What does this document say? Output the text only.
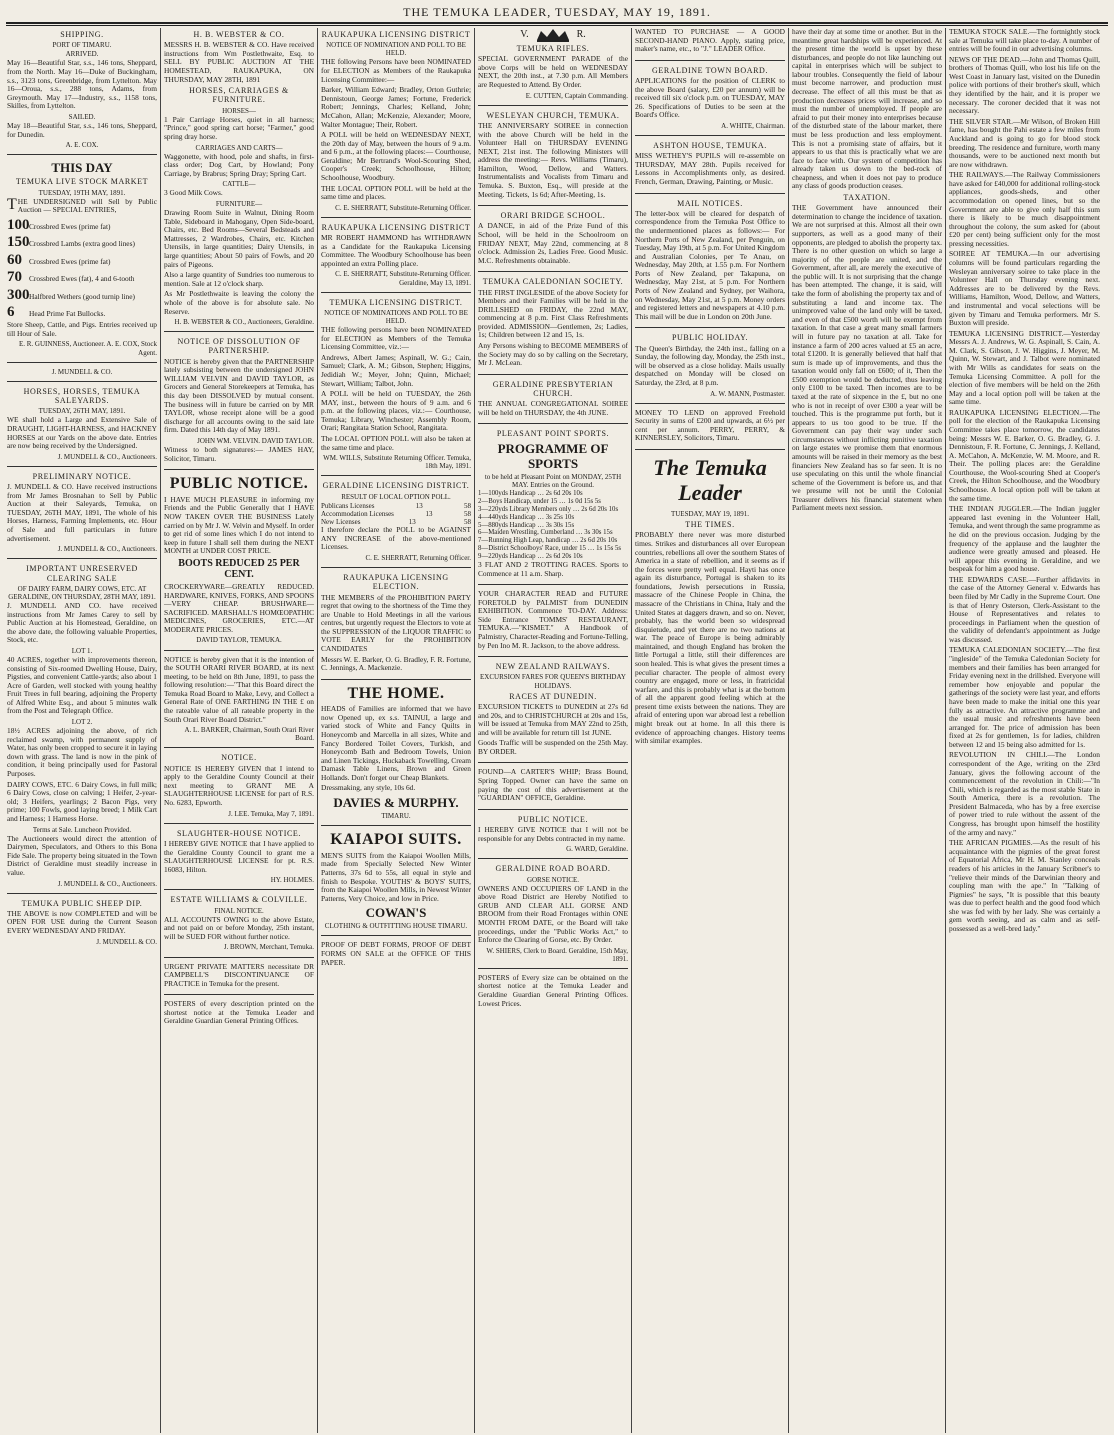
THE TEMUKA LEADER, TUESDAY, MAY 19, 1891.
SHIPPING.
PORT OF TIMARU.
ARRIVED.

May 16—Beautiful Star, s.s., 146 tons, Sheppard, from the North. May 16—Duke of Buckingham, s.s., 3123 tons, Greenbridge, from Lyttelton. May 16—Oroua, s.s., 288 tons, Adams, from Greymouth. May 17—Industry, s.s., 1158 tons, Skilles, from Lyttelton.

SAILED.

May 18—Beautiful Star, s.s., 146 tons, Sheppard, for Dunedin.

A. E. COX.
THIS DAY
TEMUKA LIVE STOCK MARKET
TUESDAY, 19TH MAY, 1891.

THE UNDERSIGNED will Sell by Public Auction — SPECIAL ENTRIES,

100Crossbred Ewes (prime fat)
150Crossbred Lambs (extra good lines)
60 Crossbred Ewes (prime fat)
70 Crossbred Ewes (fat), 4 and 6-tooth
300Halfbred Wethers (good turnip line)
6 Head Prime Fat Bullocks.

Store Sheep, Cattle, and Pigs. Entries received up till Hour of Sale.

E. R. GUINNESS, Auctioneer. A. E. COX, Stock Agent.
J. MUNDELL & CO.
HORSES, HORSES, TEMUKA SALEYARDS.
TUESDAY, 26TH MAY, 1891.

WE shall hold a Large and Extensive Sale of DRAUGHT, LIGHT-HARNESS, and HACKNEY HORSES at our Yards on the above date. Entries are now being received by the Undersigned.

J. MUNDELL & CO., Auctioneers.
PRELIMINARY NOTICE.

J. MUNDELL & CO. Have received instructions from Mr James Brosnahan to Sell by Public Auction at their Saleyards, Temuka, on TUESDAY, 26TH MAY, 1891, The whole of his Horses, Harness, Farming Implements, etc. Hour of Sale and full particulars in future advertisement.

J. MUNDELL & CO., Auctioneers.
IMPORTANT UNRESERVED CLEARING SALE
OF DAIRY FARM, DAIRY COWS, ETC. AT GERALDINE, ON THURSDAY, 28TH MAY, 1891.

J. MUNDELL AND CO. have received instructions from Mr James Carey to sell by Public Auction at his Homestead, Geraldine, on the above date, the following valuable Properties, Stock, etc.

LOT 1.

40 ACRES, together with improvements thereon, consisting of Six-roomed Dwelling House, Dairy, Pigsties, and convenient Cattle-yards; also about 1 Acre of Garden, well stocked with young healthy Fruit Trees in full bearing, adjoining the Property of Alfred White Esq., and about 5 minutes walk from the Post and Telegraph Office.

LOT 2.

18½ ACRES adjoining the above, of rich reclaimed swamp, with permanent supply of Water, has only been cropped to secure it in laying down with grass. The land is now in the pink of condition, it being principally used for Pastoral Purposes.

DAIRY COWS, ETC. 6 Dairy Cows, in full milk; 6 Dairy Cows, close on calving; 1 Heifer, 2-year-old; 3 Heifers, yearlings; 2 Bacon Pigs, very prime; 100 Fowls, good laying breed; 1 Milk Cart and Harness; 1 Harness Horse.

Terms at Sale. Luncheon Provided.

The Auctioneers would direct the attention of Dairymen, Speculators, and Others to this Bona Fide Sale. The property being situated in the Town District of Geraldine must steadily increase in value.

J. MUNDELL & CO., Auctioneers.
TEMUKA PUBLIC SHEEP DIP.

THE ABOVE is now COMPLETED and will be OPEN FOR USE during the Current Season EVERY WEDNESDAY AND FRIDAY.

J. MUNDELL & CO.
H. B. WEBSTER & CO.

MESSRS H. B. WEBSTER & CO. Have received instructions from Wm Postlethwaite, Esq. to SELL BY PUBLIC AUCTION AT THE HOMESTEAD, RAUKAPUKA, ON THURSDAY, MAY 28TH, 1891

HORSES, CARRIAGES & FURNITURE.
HORSES—

1 Pair Carriage Horses, quiet in all harness; "Prince," good spring cart horse; "Farmer," good spring dray horse.

CARRIAGES AND CARTS—

Waggonette, with hood, pole and shafts, in first-class order; Dog Cart, by Howland; Pony Carriage, by Brabrus; Spring Dray; Spring Cart.

CATTLE—

3 Good Milk Cows.

FURNITURE—

Drawing Room Suite in Walnut, Dining Room Table, Sideboard in Mahogany, Open Side-board, Chairs, etc. Bed Rooms—Several Bedsteads and Mattresses, 2 Wardrobes, Chairs, etc. Kitchen Utensils, in large quantities; Dairy Utensils, in large quantities; About 50 pairs of Fowls, and 20 pairs of Pigeons.

Also a large quantity of Sundries too numerous to mention. Sale at 12 o'clock sharp.

As Mr Postlethwaite is leaving the colony the whole of the above is for absolute sale. No Reserve.

H. B. WEBSTER & CO., Auctioneers, Geraldine.
NOTICE OF DISSOLUTION OF PARTNERSHIP.

NOTICE is hereby given that the PARTNERSHIP lately subsisting between the undersigned JOHN WILLIAM VELVIN and DAVID TAYLOR, as Grocers and General Storekeepers at Temuka, has this day been DISSOLVED by mutual consent. The business will in future be carried on by MR TAYLOR, whose receipt alone will be a good discharge for all accounts owing to the said late firm. Dated this 14th day of May 1891.

JOHN WM. VELVIN. DAVID TAYLOR.

Witness to both signatures:— JAMES HAY, Solicitor, Timaru.

PUBLIC NOTICE.

I HAVE MUCH PLEASURE in informing my Friends and the Public Generally that I HAVE NOW TAKEN OVER THE BUSINESS Lately carried on by Mr J. W. Velvin and Myself. In order to get rid of some lines which I do not intend to keep in future I shall sell them during the NEXT MONTH at UNDER COST PRICE.

BOOTS REDUCED 25 PER CENT.

CROCKERYWARE—GREATLY REDUCED. HARDWARE, KNIVES, FORKS, AND SPOONS—VERY CHEAP. BRUSHWARE—SACRIFICED. MARSHALL'S HOMŒOPATHIC MEDICINES, GROCERIES, ETC.—AT MODERATE PRICES.

DAVID TAYLOR, TEMUKA.

NOTICE is hereby given that it is the intention of the SOUTH ORARI RIVER BOARD, at its next meeting, to be held on 8th June, 1891, to pass the following resolution:—"That this Board direct the Temuka Road Board to Make, Levy, and Collect a General Rate of ONE FARTHING IN THE £ on the rateable value of all rateable property in the South Orari River Board District."

A. L. BARKER, Chairman, South Orari River Board.
NOTICE.

NOTICE IS HEREBY GIVEN that I intend to apply to the Geraldine County Council at their next meeting to GRANT ME A SLAUGHTERHOUSE LICENSE for part of R.S. No. 6283, Epworth.

J. LEE. Temuka, May 7, 1891.
SLAUGHTER-HOUSE NOTICE.

I HEREBY GIVE NOTICE that I have applied to the Geraldine County Council to grant me a SLAUGHTERHOUSE LICENSE for pt. R.S. 16083, Hilton.

HY. HOLMES.
ESTATE WILLIAMS & COLVILLE.
FINAL NOTICE.

ALL ACCOUNTS OWING to the above Estate, and not paid on or before Monday, 25th instant, will be SUED FOR without further notice.

J. BROWN, Merchant, Temuka.

URGENT PRIVATE MATTERS necessitate DR CAMPBELL'S DISCONTINUANCE OF PRACTICE in Temuka for the present.

POSTERS of every description printed on the shortest notice at the Temuka Leader and Geraldine Guardian General Printing Offices.

RAUKAPUKA LICENSING DISTRICT
NOTICE OF NOMINATION AND POLL TO BE HELD.

THE following Persons have been NOMINATED for ELECTION as Members of the Raukapuka Licensing Committee:—

Barker, William Edward; Bradley, Orton Guthrie; Dennistoun, George James; Fortune, Frederick Robert; Jennings, Charles; Kelland, John; McCahon, Allan; McKenzie, Alexander; Moore, Walter Montague; Their, Robert.

A POLL will be held on WEDNESDAY NEXT, the 20th day of May, between the hours of 9 a.m. and 6 p.m., at the following places:— Courthouse, Geraldine; Mr Bertrand's Wool-Scouring Shed, Cooper's Creek; Schoolhouse, Hilton; Schoolhouse, Woodbury.

THE LOCAL OPTION POLL will be held at the same time and places.

C. E. SHERRATT, Substitute-Returning Officer.
RAUKAPUKA LICENSING DISTRICT

MR ROBERT HAMMOND has WITHDRAWN as a Candidate for the Raukapuka Licensing Committee. The Woodbury Schoolhouse has been appointed an extra Polling place.

C. E. SHERRATT, Substitute-Returning Officer. Geraldine, May 13, 1891.
TEMUKA LICENSING DISTRICT.
NOTICE OF NOMINATIONS AND POLL TO BE HELD.

THE following persons have been NOMINATED for ELECTION as Members of the Temuka Licensing Committee, viz.:—

Andrews, Albert James; Aspinall, W. G.; Cain, Samuel; Clark, A. M.; Gibson, Stephen; Higgins, Jedidiah W.; Meyer, John; Quinn, Michael; Stewart, William; Talbot, John.

A POLL will be held on TUESDAY, the 26th MAY, inst., between the hours of 9 a.m. and 6 p.m. at the following places, viz.:— Courthouse, Temuka; Library, Winchester; Assembly Room, Orari; Rangitata Station School, Rangitata.

The LOCAL OPTION POLL will also be taken at the same time and place.

WM. WILLS, Substitute Returning Officer. Temuka, 18th May, 1891.
GERALDINE LICENSING DISTRICT.
RESULT OF LOCAL OPTION POLL.
Publicans Licenses	13	58
Accommodation Licenses	13	58
New Licenses	13	58

I therefore declare the POLL to be AGAINST ANY INCREASE of the above-mentioned Licenses.

C. E. SHERRATT, Returning Officer.
RAUKAPUKA LICENSING ELECTION.

THE MEMBERS of the PROHIBITION PARTY regret that owing to the shortness of the Time they are Unable to Hold Meetings in all the various centres, but urgently request the Electors to vote at the SUPPRESSION of the LIQUOR TRAFFIC to VOTE EARLY for the PROHIBITION CANDIDATES

Messrs W. E. Barker, O. G. Bradley, F. R. Fortune, C. Jennings, A. Mackenzie.

THE HOME.

HEADS of Families are informed that we have now Opened up, ex s.s. TAINUI, a large and varied stock of White and Fancy Quilts in Honeycomb and Marcella in all sizes, White and Fancy Bordered Toilet Covers, Turkish, and Honeycomb Bath and Bedroom Towels, Union and Linen Tickings, Huckaback Towelling, Cream Damask Table Linens, Brown and Green Hollands. Don't forget our Cheap Blankets.

Dressmaking, any style, 10s 6d.

DAVIES & MURPHY.
TIMARU.
KAIAPOI SUITS.

MEN'S SUITS from the Kaiapoi Woollen Mills, made from Specially Selected New Winter Patterns, 37s 6d to 55s, all equal in style and finish to Bespoke. YOUTHS' & BOYS' SUITS, from the Kaiapoi Woollen Mills, in Newest Winter Patterns, Very Choice, and low in Price.

COWAN'S
CLOTHING & OUTFITTING HOUSE TIMARU.

PROOF OF DEBT FORMS, PROOF OF DEBT FORMS ON SALE at the OFFICE OF THIS PAPER.

V.	R.
TEMUKA RIFLES.

SPECIAL GOVERNMENT PARADE of the above Corps will be held on WEDNESDAY NEXT, the 20th inst., at 7.30 p.m. All Members are Requested to Attend. By Order.

E. CUTTEN, Captain Commanding.
WESLEYAN CHURCH, TEMUKA.

THE ANNIVERSARY SOIREE in connection with the above Church will be held in the Volunteer Hall on THURSDAY EVENING NEXT, 21st inst. The following Ministers will address the meeting:— Revs. Williams (Timaru), Hamilton, Wood, Dellow, and Watters. Instrumentalists and Vocalists from Timaru and Temuka. S. Buxton, Esq., will preside at the Meeting. Tickets, 1s 6d; After-Meeting, 1s.

ORARI BRIDGE SCHOOL.

A DANCE, in aid of the Prize Fund of this School, will be held in the Schoolroom on FRIDAY NEXT, May 22nd, commencing at 8 o'clock. Admission 2s, Ladies Free. Good Music. M.C. Refreshments obtainable.

TEMUKA CALEDONIAN SOCIETY.

THE FIRST INGLESIDE of the above Society for Members and their Families will be held in the DRILLSHED on FRIDAY, the 22nd MAY, commencing at 8 p.m. First Class Refreshments provided. ADMISSION—Gentlemen, 2s; Ladies, 1s; Children between 12 and 15, 1s.

Any Persons wishing to BECOME MEMBERS of the Society may do so by calling on the Secretary, Mr J. McLean.

GERALDINE PRESBYTERIAN CHURCH.

THE ANNUAL CONGREGATIONAL SOIREE will be held on THURSDAY, the 4th JUNE.

PLEASANT POINT SPORTS.
PROGRAMME OF SPORTS
to be held at Pleasant Point on MONDAY, 25TH MAY. Entries on the Ground.
1—100yds Handicap … 2s 6d 20s 10s
2—Boys Handicap, under 15 … 1s 0d 15s 5s
3—220yds Library Members only … 2s 6d 20s 10s
4—440yds Handicap … 3s 25s 10s
5—880yds Handicap … 3s 30s 15s
6—Maiden Wrestling, Cumberland … 3s 30s 15s
7—Running High Leap, handicap … 2s 6d 20s 10s
8—District Schoolboys' Race, under 15 … 1s 15s 5s
9—220yds Handicap … 2s 6d 20s 10s

3 FLAT AND 2 TROTTING RACES. Sports to Commence at 11 a.m. Sharp.

YOUR CHARACTER READ and FUTURE FORETOLD by PALMIST from DUNEDIN EXHIBITION. Commence TO-DAY. Address: Side Entrance TOMMS' RESTAURANT, TEMUKA.—"KISMET." A Handbook of Palmistry, Character-Reading and Fortune-Telling, by Pen Ino M. R. Jackson, to the above address.

NEW ZEALAND RAILWAYS.
EXCURSION FARES FOR QUEEN'S BIRTHDAY HOLIDAYS.
RACES AT DUNEDIN.

EXCURSION TICKETS to DUNEDIN at 27s 6d and 20s, and to CHRISTCHURCH at 20s and 15s, will be issued at Temuka from MAY 22nd to 25th, and will be available for return till 1st JUNE.

Goods Traffic will be suspended on the 25th May. BY ORDER.

FOUND—A CARTER'S WHIP; Brass Bound, Spring Topped. Owner can have the same on paying the cost of this advertisement at the "GUARDIAN" OFFICE, Geraldine.

PUBLIC NOTICE.

I HEREBY GIVE NOTICE that I will not be responsible for any Debts contracted in my name.

G. WARD, Geraldine.
GERALDINE ROAD BOARD.
GORSE NOTICE.

OWNERS AND OCCUPIERS OF LAND in the above Road District are Hereby Notified to GRUB AND CLEAR ALL GORSE AND BROOM from their Road Frontages within ONE MONTH FROM DATE, or the Board will take proceedings, under the "Public Works Act," to Enforce the Clearing of Gorse, etc. By Order.

W. SHIERS, Clerk to Board. Geraldine, 15th May, 1891.

POSTERS of Every size can be obtained on the shortest notice at the Temuka Leader and Geraldine Guardian General Printing Offices. Lowest Prices.

WANTED TO PURCHASE — A GOOD SECOND-HAND PIANO. Apply, stating price, maker's name, etc., to "J." LEADER Office.

GERALDINE TOWN BOARD.

APPLICATIONS for the position of CLERK to the above Board (salary, £20 per annum) will be received till six o'clock p.m. on TUESDAY, MAY 26. Specifications of Duties to be seen at the Board's Office.

A. WHITE, Chairman.
ASHTON HOUSE, TEMUKA.

MISS WETHEY'S PUPILS will re-assemble on THURSDAY, MAY 28th. Pupils received for Lessons in Accomplishments only, as desired. French, German, Drawing, Painting, or Music.

MAIL NOTICES.

The letter-box will be cleared for despatch of correspondence from the Temuka Post Office to the undermentioned places as follows:— For Northern Ports of New Zealand, per Penguin, on Tuesday, May 19th, at 5 p.m. For United Kingdom and Australian Colonies, per Te Anau, on Wednesday, May 20th, at 1.55 p.m. For Northern Ports of New Zealand, per Takapuna, on Wednesday, May 21st, at 5 p.m. For Northern Ports of New Zealand and Sydney, per Waihora, on Wednesday, May 21st, at 5 p.m. Money orders and registered letters and newspapers at 4.10 p.m. This mail will be due in London on 20th June.

PUBLIC HOLIDAY.

The Queen's Birthday, the 24th inst., falling on a Sunday, the following day, Monday, the 25th inst., will be observed as a close holiday. Mails usually despatched on Monday will be closed on Saturday, the 23rd, at 8 p.m.

A. W. MANN, Postmaster.

MONEY TO LEND on approved Freehold Security in sums of £200 and upwards, at 6½ per cent per annum. PERRY, PERRY, & KINNERSLEY, Solicitors, Timaru.

The Temuka Leader
TUESDAY, MAY 19, 1891.
THE TIMES.

PROBABLY there never was more disturbed times. Strikes and disturbances all over European countries, rebellions all over the southern States of America in a state of rebellion, and it seems as if the forces were pretty well equal. Hayti has once again its disturbance, Portugal is shaken to its foundations, Jewish persecutions in Russia, massacre of the Chinese People in China, the massacre of the Christians in China, Italy and the United States at daggers drawn, and so on. Never, probably, has the world been so widespread disquietude, and yet there are no two nations at war. The peace of Europe is being admirably maintained, and though England has broken the little Portugal a little, still their differences are soon healed. This is what gives the present times a peculiar character. The people of almost every country are engaged, more or less, in fratricidal warfare, and this is probably what is at the bottom of all the apparent good feeling which at the present time exists between the nations. They are afraid of entering upon war abroad lest a rebellion might break out at home. In all this there is evidence of approaching changes. History teems with similar examples.

have their day at some time or another. But in the meantime great hardships will be experienced. At the present time the world is upset by these disturbances, and people do not like launching out capital in enterprises which will be subject to labour troubles. Consequently the field of labour must become narrower, and production must decrease. The effect of all this must be that as production decreases prices will increase, and so must the number of unemployed. If people are afraid to put their money into enterprises because of the disturbed state of the labour market, there must be less production and less employment. This is not a promising state of affairs, but it appears to us that this is practically what we are face to face with. Our system of competition has already taken us down to the bed-rock of cheapness, and when it does not pay to produce any class of goods production ceases.

TAXATION.

THE Government have announced their determination to change the incidence of taxation. We are not surprised at this. Almost all their own supporters, as well as a good many of their opponents, are pledged to abolish the property tax. There is no other question on which so large a majority of the people are united, and the Government, after all, are merely the executive of the public will. It is not surprising that the change has been attempted. The change, it is said, will take the form of abolishing the property tax and of substituting a land and income tax. The unimproved value of the land only will be taxed, and even of that £500 worth will be exempt from taxation. In that case a great many small farmers will in future pay no taxation at all. Take for instance a farm of 200 acres valued at £5 an acre, total £1200. It is generally believed that half that sum is made up of improvements, and thus the taxation would only fall on £600; of it, Then the £500 exemption would be deducted, thus leaving only £100 to be taxed. Then incomes are to be taxed at the rate of sixpence in the £, but no one who is not in receipt of over £300 a year will be touched. This is the programme put forth, but it appears to us too good to be true. If the Government can pay their way under such circumstances without inflicting punitive taxation on large estates we promise them that enormous amounts will be raised in their memory as the best financiers New Zealand has so far seen. It is no use speculating on this until the whole financial scheme of the Government is before us, and that we presume will not be until the Colonial Treasurer delivers his financial statement when Parliament meets next session.

TEMUKA STOCK SALE.—The fortnightly stock sale at Temuka will take place to-day. A number of entries will be found in our advertising columns.

NEWS OF THE DEAD.—John and Thomas Quill, brothers of Thomas Quill, who lost his life on the West Coast in January last, visited on the Dunedin police with portions of their brother's skull, which they identified by the hair, and it is proper we necessary. The coroner decided that it was not necessary.

THE SILVER STAR.—Mr Wilson, of Broken Hill fame, has bought the Pahi estate a few miles from Auckland and is going to go for blood stock breeding. The residence and furniture, worth many thousands, were to be auctioned next month but are now withdrawn.

THE RAILWAYS.—The Railway Commissioners have asked for £40,000 for additional rolling-stock appliances, goods-sheds, and other accommodation on opened lines, but so the Government are able to give only half this sum there is likely to be much disappointment throughout the colony, the sum asked for (about £20 per cent) being sufficient only for the most pressing necessities.

SOIREE AT TEMUKA.—In our advertising columns will be found particulars regarding the Wesleyan anniversary soiree to take place in the Volunteer Hall on Thursday evening next. Addresses are to be delivered by the Revs. Williams, Hamilton, Wood, Dellow, and Watters, and instrumental and vocal selections will be given by Timaru and Temuka performers. Mr S. Buxton will preside.

TEMUKA LICENSING DISTRICT.—Yesterday Messrs A. J. Andrews, W. G. Aspinall, S. Cain, A. M. Clark, S. Gibson, J. W. Higgins, J. Meyer, M. Quinn, W. Stewart, and J. Talbot were nominated with Mr Wills as candidates for seats on the Temuka Licensing Committee. A poll for the election of five members will be held on the 26th May and a local option poll will be taken at the same time.

RAUKAPUKA LICENSING ELECTION.—The poll for the election of the Raukapuka Licensing Committee takes place tomorrow, the candidates being: Messrs W. E. Barker, O. G. Bradley, G. J. Dennistoun, F. R. Fortune, C. Jennings, J. Kelland, A. McCahon, A. McKenzie, W. M. Moore, and R. Their. The polling places are: the Geraldine Courthouse, the Wool-scouring Shed at Cooper's Creek, the Hilton Schoolhouse, and the Woodbury Schoolhouse. A local option poll will be taken at the same time.

THE INDIAN JUGGLER.—The Indian juggler appeared last evening in the Volunteer Hall, Temuka, and went through the same programme as he did on the previous occasion. Judging by the frequency of the applause and the laughter the audience were greatly amused and pleased. He will appear this evening in Geraldine, and we bespeak for him a good house.

THE EDWARDS CASE.—Further affidavits in the case of the Attorney General v. Edwards has been filed by Mr Cadly in the Supreme Court. One is that of Henry Osterson, Clerk-Assistant to the House of Representatives and relates to proceedings in Parliament when the question of the validity of defendant's appointment as Judge was discussed.

TEMUKA CALEDONIAN SOCIETY.—The first "ingleside" of the Temuka Caledonian Society for members and their families has been arranged for Friday evening next in the drillshed. Everyone will remember how enjoyable and popular the gatherings of the society were last year, and efforts have been made to make the initial one this year fully as attractive. An attractive programme and the usual music and refreshments have been arranged for. The price of admission has been fixed at 2s for gentlemen, 1s for ladies, children between 12 and 15 being also admitted for 1s.

REVOLUTION IN CHILI.—The London correspondent of the Age, writing on the 23rd January, gives the following account of the commencement of the revolution in Chili:—"In Chili, which is regarded as the most stable State in South America, there is a revolution. The President Balmaceda, who has by a free exercise of power tried to rule without the assent of the Congress, has brought upon himself the hostility of the army and navy."

THE AFRICAN PIGMIES.—As the result of his acquaintance with the pigmies of the great forest of Equatorial Africa, Mr H. M. Stanley conceals readers of his articles in the January Scribner's to "relieve their minds of the Darwinian theory and coupling man with the ape." In "Talking of Pigmies" he says, "It is possible that this beauty was due to perfect health and the good food which she was fed with by her lady. She was certainly a gem worth seeing, and as calm and as self-possessed as a well-bred lady."
